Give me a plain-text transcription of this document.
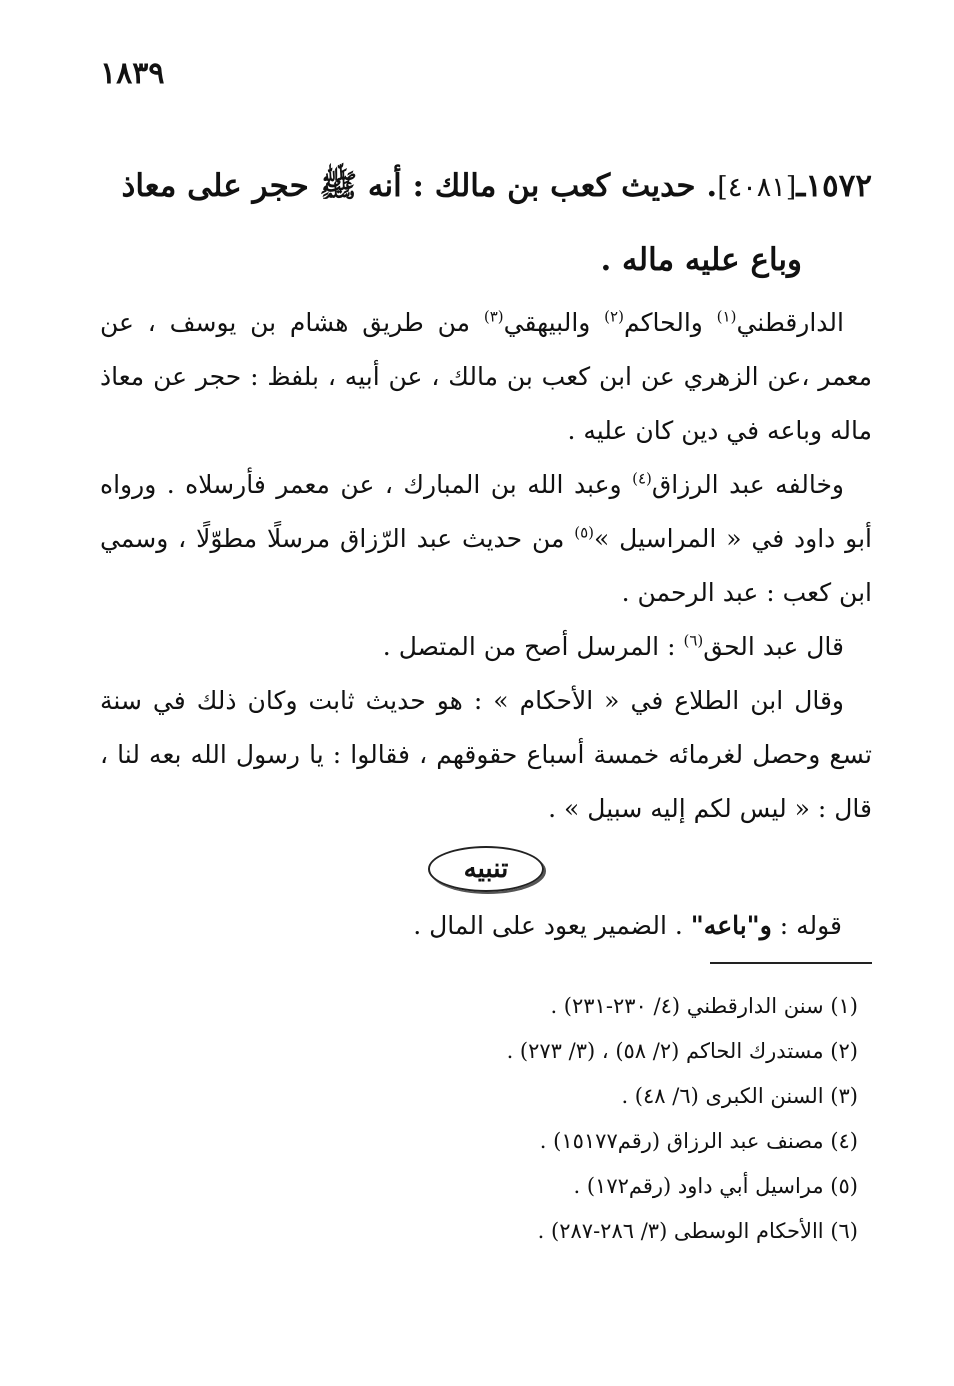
١٨٣٩

١٥٧٢ـ[٤٠٨١]. حديث كعب بن مالك : أنه ﷺ حجر على معاذ
وباع عليه ماله .

الدارقطني$^{(١)}$ والحاكم$^{(٢)}$ والبيهقي$^{(٣)}$ من طريق هشام بن يوسف ، عن معمر ،عن الزهري عن ابن كعب بن مالك ، عن أبيه ، بلفظ : حجر عن معاذ ماله وباعه في دين كان عليه .

وخالفه عبد الرزاق$^{(٤)}$ وعبد الله بن المبارك ، عن معمر فأرسلاه . ورواه أبو داود في « المراسيل »$^{(٥)}$ من حديث عبد الرّزاق مرسلًا مطوّلًا ، وسمي ابن كعب : عبد الرحمن .

قال عبد الحق$^{(٦)}$ : المرسل أصح من المتصل .

وقال ابن الطلاع في « الأحكام » : هو حديث ثابت وكان ذلك في سنة تسع وحصل لغرمائه خمسة أسباع حقوقهم ، فقالوا : يا رسول الله بعه لنا ، قال : « ليس لكم إليه سبيل » .

تنبيه

قوله : و"باعه" . الضمير يعود على المال .

(١) سنن الدارقطني (٤/ ٢٣٠-٢٣١) .
(٢) مستدرك الحاكم (٢/ ٥٨) ، (٣/ ٢٧٣) .
(٣) السنن الكبرى (٦/ ٤٨) .
(٤) مصنف عبد الرزاق (رقم١٥١٧٧) .
(٥) مراسيل أبي داود (رقم١٧٢) .
(٦) االأحكام الوسطى (٣/ ٢٨٦-٢٨٧) .
